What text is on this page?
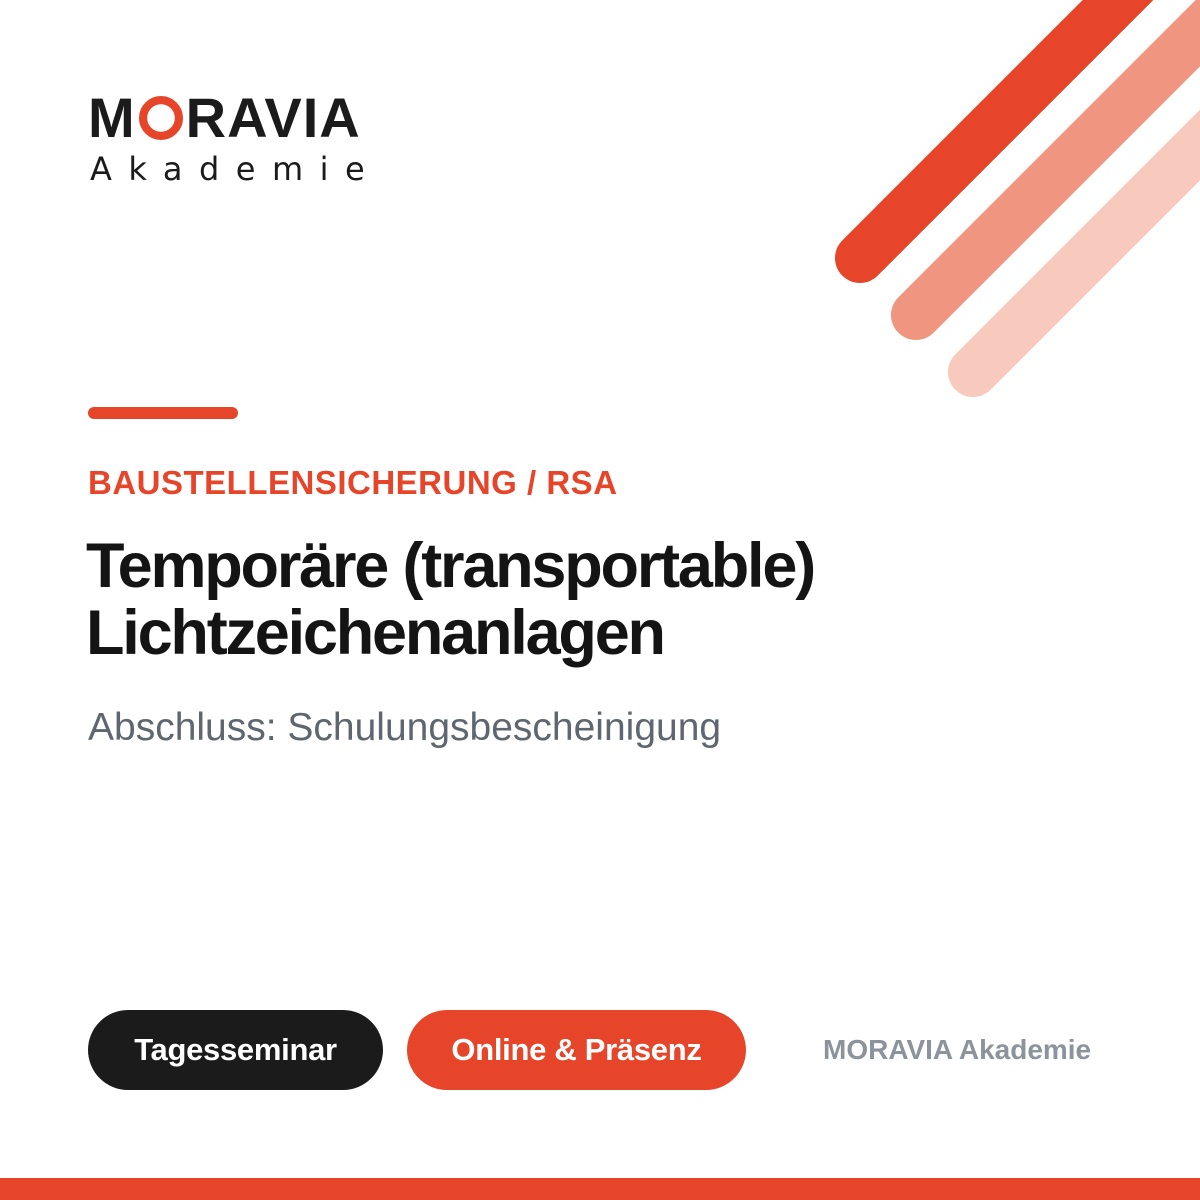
M RAVIA
Akademie
BAUSTELLENSICHERUNG / RSA
Temporäre (transportable)
Lichtzeichenanlagen
Abschluss: Schulungsbescheinigung
Tagesseminar	Online & Präsenz	MORAVIA Akademie
